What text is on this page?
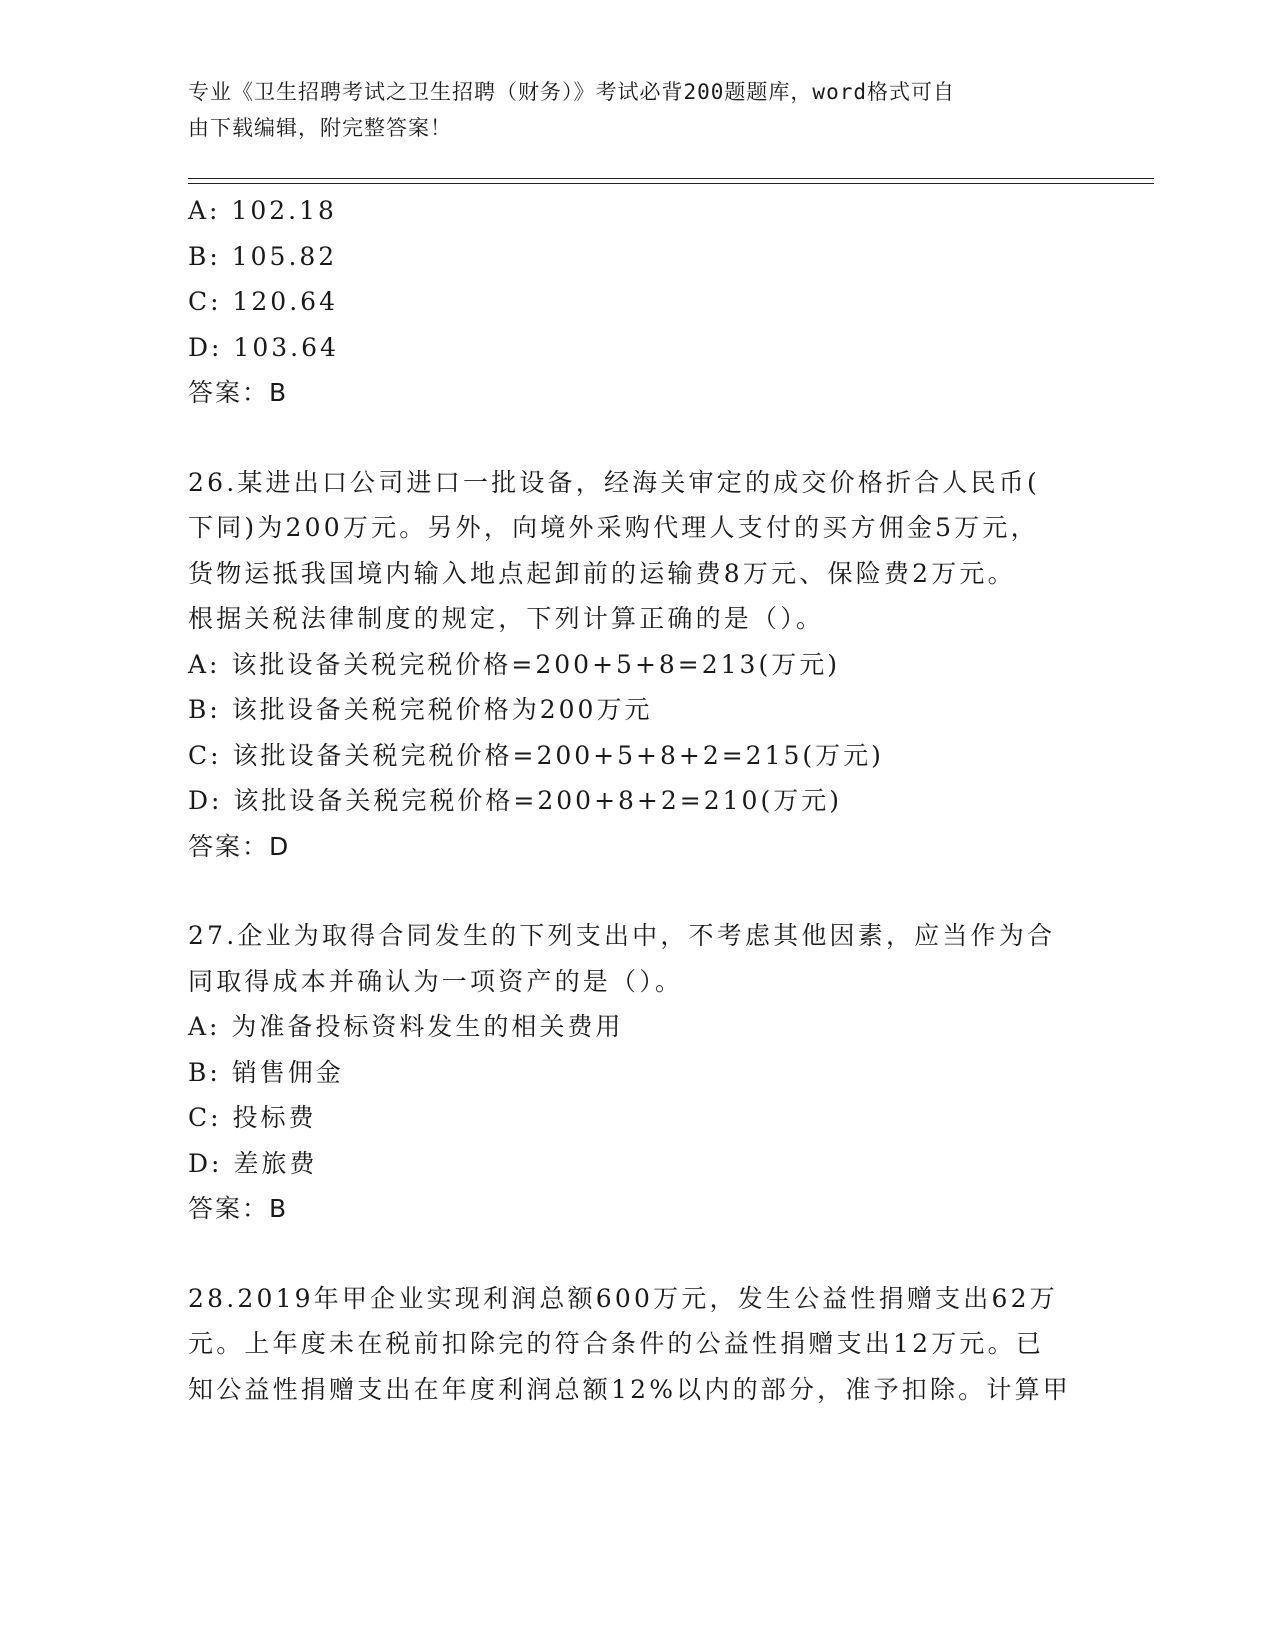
专业《卫生招聘考试之卫生招聘（财务）》考试必背200题题库，word格式可自
由下载编辑，附完整答案！
A: 102.18
B: 105.82
C: 120.64
D: 103.64
答案：B
26.某进出口公司进口一批设备，经海关审定的成交价格折合人民币(
下同)为200万元。另外，向境外采购代理人支付的买方佣金5万元，
货物运抵我国境内输入地点起卸前的运输费8万元、保险费2万元。
根据关税法律制度的规定，下列计算正确的是（）。
A: 该批设备关税完税价格=200+5+8=213(万元)
B: 该批设备关税完税价格为200万元
C: 该批设备关税完税价格=200+5+8+2=215(万元)
D: 该批设备关税完税价格=200+8+2=210(万元)
答案：D
27.企业为取得合同发生的下列支出中，不考虑其他因素，应当作为合
同取得成本并确认为一项资产的是（）。
A: 为准备投标资料发生的相关费用
B: 销售佣金
C: 投标费
D: 差旅费
答案：B
28.2019年甲企业实现利润总额600万元，发生公益性捐赠支出62万
元。上年度未在税前扣除完的符合条件的公益性捐赠支出12万元。已
知公益性捐赠支出在年度利润总额12%以内的部分，准予扣除。计算甲
